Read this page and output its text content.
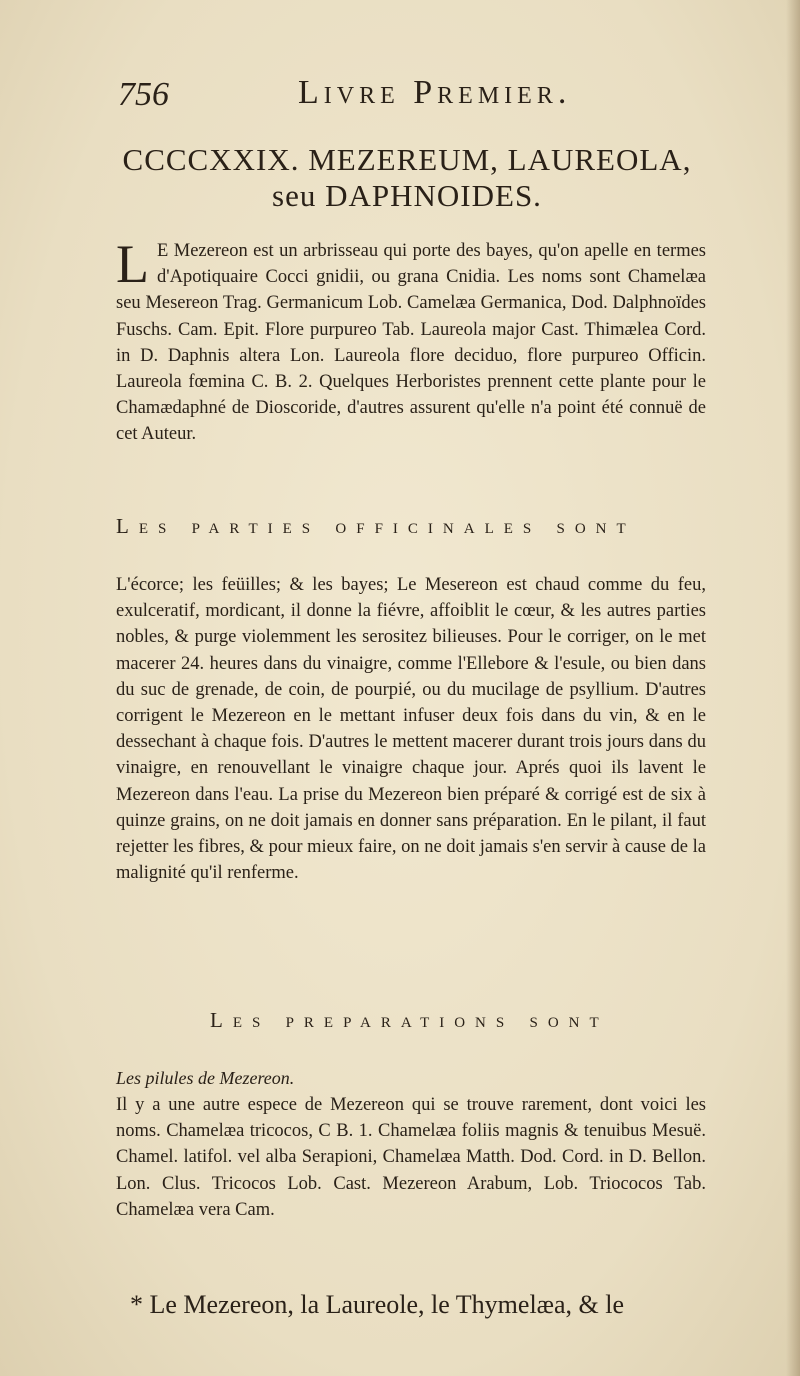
756	Livre Premier.
CCCCXXIX. MEZEREUM, LAUREOLA,
seu DAPHNOIDES.
L E Mezereon est un arbrisseau qui porte des bayes, qu'on apelle en termes d'Apotiquaire Cocci gnidii, ou grana Cnidia. Les noms sont Chamelæa seu Mesereon Trag. Germanicum Lob. Camelæa Germanica, Dod. Dalphnoïdes Fuschs. Cam. Epit. Flore purpureo Tab. Laureola major Cast. Thimælea Cord. in D. Daphnis altera Lon. Laureola flore deciduo, flore purpureo Officin. Laureola fœmina C. B. 2. Quelques Herboristes prennent cette plante pour le Chamædaphné de Dioscoride, d'autres assurent qu'elle n'a point été connuë de cet Auteur.
Les parties officinales sont

L'écorce; les feüilles; & les bayes; Le Mesereon est chaud comme du feu, exulceratif, mordicant, il donne la fiévre, affoiblit le cœur, & les autres parties nobles, & purge violemment les serositez bilieuses. Pour le corriger, on le met macerer 24. heures dans du vinaigre, comme l'Ellebore & l'esule, ou bien dans du suc de grenade, de coin, de pourpié, ou du mucilage de psyllium. D'autres corrigent le Mezereon en le mettant infuser deux fois dans du vin, & en le dessechant à chaque fois. D'autres le mettent macerer durant trois jours dans du vinaigre, en renouvellant le vinaigre chaque jour. Aprés quoi ils lavent le Mezereon dans l'eau. La prise du Mezereon bien préparé & corrigé est de six à quinze grains, on ne doit jamais en donner sans préparation. En le pilant, il faut rejetter les fibres, & pour mieux faire, on ne doit jamais s'en servir à cause de la malignité qu'il renferme.

Les preparations sont
Les pilules de Mezereon.

Il y a une autre espece de Mezereon qui se trouve rarement, dont voici les noms. Chamelæa tricocos, C B. 1. Chamelæa foliis magnis & tenuibus Mesuë. Chamel. latifol. vel alba Serapioni, Chamelæa Matth. Dod. Cord. in D. Bellon. Lon. Clus. Tricocos Lob. Cast. Mezereon Arabum, Lob. Triococos Tab. Chamelæa vera Cam.

* Le Mezereon, la Laureole, le Thymelæa, & le
